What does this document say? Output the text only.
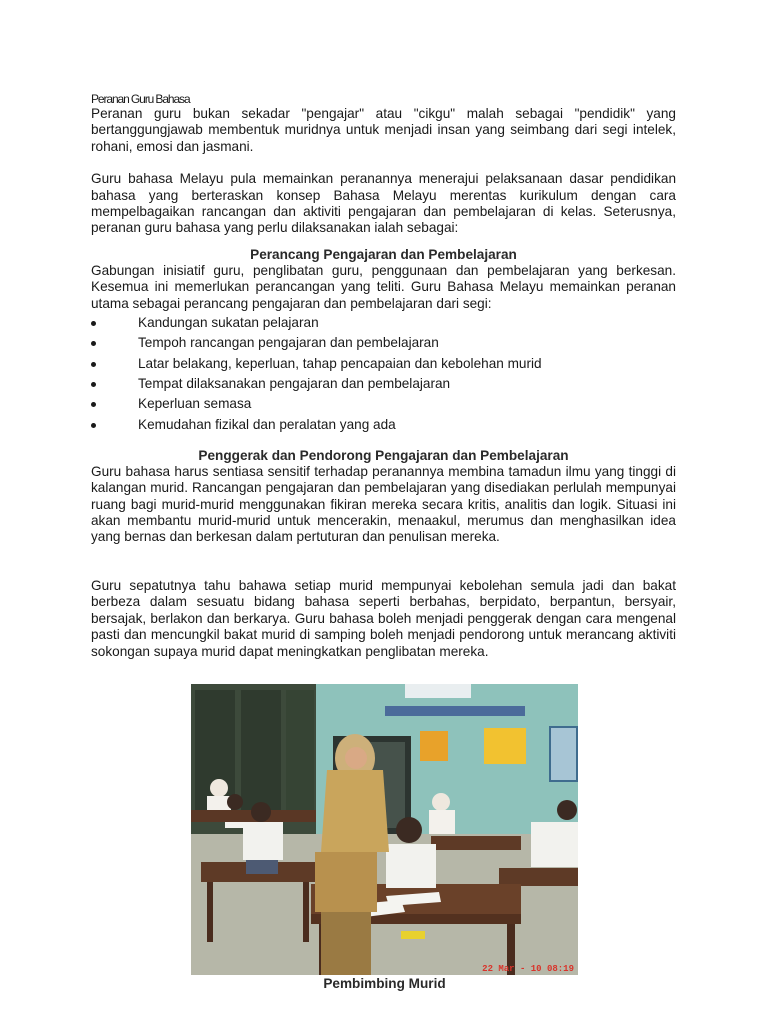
Peranan Guru Bahasa

Peranan guru bukan sekadar "pengajar" atau "cikgu" malah sebagai "pendidik" yang bertanggungjawab membentuk muridnya untuk menjadi insan yang seimbang dari segi intelek, rohani, emosi dan jasmani.

Guru bahasa Melayu pula memainkan peranannya menerajui pelaksanaan dasar pendidikan bahasa yang berteraskan konsep Bahasa Melayu merentas kurikulum dengan cara mempelbagaikan rancangan dan aktiviti pengajaran dan pembelajaran di kelas. Seterusnya, peranan guru bahasa yang perlu dilaksanakan ialah sebagai:

Perancang Pengajaran dan Pembelajaran

Gabungan inisiatif guru, penglibatan guru, penggunaan dan pembelajaran yang berkesan. Kesemua ini memerlukan perancangan yang teliti. Guru Bahasa Melayu memainkan peranan utama sebagai perancang pengajaran dan pembelajaran dari segi:

Kandungan sukatan pelajaran
Tempoh rancangan pengajaran dan pembelajaran
Latar belakang, keperluan, tahap pencapaian dan kebolehan murid
Tempat dilaksanakan pengajaran dan pembelajaran
Keperluan semasa
Kemudahan fizikal dan peralatan yang ada
Penggerak dan Pendorong Pengajaran dan Pembelajaran

Guru bahasa harus sentiasa sensitif terhadap peranannya membina tamadun ilmu yang tinggi di kalangan murid. Rancangan pengajaran dan pembelajaran yang disediakan perlulah mempunyai ruang bagi murid-murid menggunakan fikiran mereka secara kritis, analitis dan logik. Situasi ini akan membantu murid-murid untuk mencerakin, menaakul, merumus dan menghasilkan idea yang bernas dan berkesan dalam pertuturan dan penulisan mereka.

Guru sepatutnya tahu bahawa setiap murid mempunyai kebolehan semula jadi dan bakat berbeza dalam sesuatu bidang bahasa seperti berbahas, berpidato, berpantun, bersyair, bersajak, berlakon dan berkarya. Guru bahasa boleh menjadi penggerak dengan cara mengenal pasti dan mencungkil bakat murid di samping boleh menjadi pendorong untuk merancang aktiviti sokongan supaya murid dapat meningkatkan penglibatan mereka.

22 Mar - 10 08:19
Pembimbing Murid
